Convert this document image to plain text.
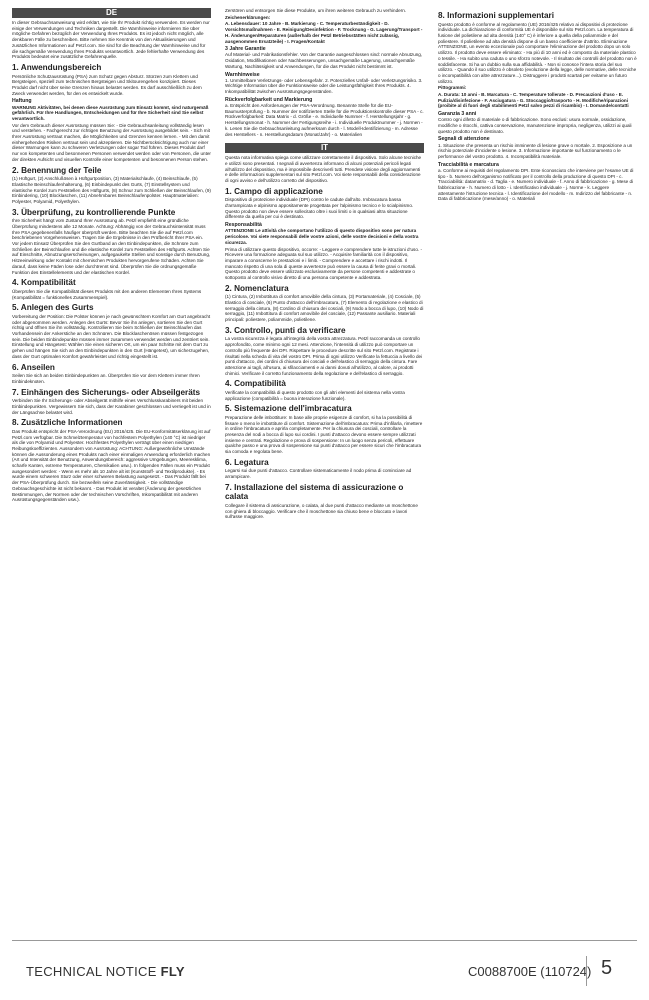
DE

In dieser Gebrauchsanweisung wird erklärt, wie Sie Ihr Produkt richtig verwenden. Es werden nur einige der Verwendungen und Techniken dargestellt. Die Warnhinweise informieren Sie über mögliche Gefahren bezüglich der Verwendung Ihres Produkts. Es ist jedoch nicht möglich, alle denkbaren Fälle zu beschreiben. Bitte nehmen Sie Kenntnis von den Aktualisierungen und zusätzlichen Informationen auf Petzl.com. Sie sind für die Beachtung der Warnhinweise und für die sachgemäße Verwendung Ihres Produkts verantwortlich. Jede fehlerhafte Verwendung des Produkts bedeutet eine zusätzliche Gefahrenquelle.

1. Anwendungsbereich

Persönliche Schutzausrüstung (PSA) zum Schutz gegen Absturz. Stürzen zum Klettern und Bergsteigen, speziell zum technischen Bergsteigen und Skitourengehen konzipiert. Dieses Produkt darf nicht über seine Grenzen hinaus belastet werden. Es darf ausschließlich zu dem Zweck verwendet werden, für den es entwickelt wurde.

Haftung

WARNUNG Aktivitäten, bei denen diese Ausrüstung zum Einsatz kommt, sind naturgemäß gefährlich. Für Ihre Handlungen, Entscheidungen und für Ihre Sicherheit sind Sie selbst verantwortlich.

Vor dem Gebrauch dieser Ausrüstung müssen Sie: - Die Gebrauchsanleitung vollständig lesen und verstehen. - Fachgerecht zur richtigen Benutzung der Ausrüstung ausgebildet sein. - Sich mit Ihrer Ausrüstung vertraut machen, die Möglichkeiten und Grenzen kennen lernen. - Mit den damit einhergehenden Risiken vertraut sein und akzeptieren. Die Nichtberücksichtigung auch nur einer dieser Warnungen kann zu schweren Verletzungen oder sogar Tod führen. Dieses Produkt darf nur von kompetenten und besonnenen Personen verwendet werden oder von Personen, die unter der direkten Aufsicht und visuellen Kontrolle einer kompetenten und besonnenen Person stehen.

2. Benennung der Teile

(1) Hüftgurt, (2) Anschlußösen à Hüftgurtposition, (3) Materialschlaufe, (4) Beinschlaufe, (5) Elastische Beinschlaufenhalterung, (6) Einbindepunkt des Gurts, (7) Einstellsystem und elastische Kordel zum Feststellen des Hüftgurts, (8) Schnur zum Schließen der Beinschlaufen, (9) Einbindering, (10) Blocklaschen, (11) Abnehmbares Beinschlaufenpolster. Hauptmaterialien: Polyester, Polyamid, Polyethylen.

3. Überprüfung, zu kontrollierende Punkte

Ihre Sicherheit hängt vom Zustand Ihrer Ausrüstung ab. Petzl empfiehlt eine gründliche Überprüfung mindestens alle 12 Monate. Achtung: Abhängig von der Gebrauchsintensität muss Ihre PSA gegebenenfalls häufiger überprüft werden. Bitte beachten Sie die auf Petzl.com beschriebenen Vorgehensweisen. Tragen Sie die Ergebnisse in den Prüfbericht Ihrer PSA ein. Vor jedem Einsatz Überprüfen Sie den Gurtband an den Einbindepunkten, die Schnüre zum Schließen der Beinschlaufen und die elastische Kordel zum Feststellen des Hüftgurts. Achten Sie auf Einschnitte, Abnutzungserscheinungen, aufgegaukelte Stellen und sonstige durch Benutzung, Hitzeeinwirkung oder Kontakt mit chemischen Produkten hervorgerufene Schäden. Achten Sie darauf, dass keine Fäden lose oder durchtrennt sind. Überprüfen Sie die ordnungsgemäße Funktion des Einstellelements und der elastischen Kordel.

4. Kompatibilität

Überprüfen Sie die Kompatibilität dieses Produkts mit den anderen Elementen Ihres Systems (Kompatibilität = funktionelles Zusammenspiel).

5. Anlegen des Gurts

Vorbereitung der Position: Die Polster können je nach gewünschtem Komfort am Gurt angebracht oder abgenommen werden. Anlegen des Gurts: Bevor Sie ihn anlegen, sortieren Sie den Gurt richtig und öffnen Sie ihn vollständig. Kontrollieren Sie beim Schließen der Beinschlaufen das Vorhandensein der Ankerstiche an den Schnüren. Die Blocklaschenösen müssen festgezogen sein. Die beiden Einbindepunkte müssen immer zusammen verwendet werden und zentriert sein. Einstellung und Hängetest: Wählen Sie einen sicheren Ort, um ein paar Schritte mit dem Gurt zu gehen und hängen Sie sich an den Einbindepunkten in den Gurt (Hängetest), um sicherzugehen, dass der Gurt optimalen Komfort gewährleistet und richtig eingestellt ist.

6. Anseilen

Seilen Sie sich an beiden Einbindepunkten an. Überprüfen Sie vor dem Klettern immer Ihren Einbindeknoten.

7. Einhängen des Sicherungs- oder Abseilgeräts

Verbinden Sie Ihr Sicherungs- oder Abseilgerät mithilfe eines Verschlusskarabiners mit beiden Einbindepunkten. Vergewissern Sie sich, dass der Karabiner geschlossen und verriegelt ist und in der Längsachse belastet wird.

8. Zusätzliche Informationen

Das Produkt entspricht der PSA-Verordnung (EU) 2016/425. Die EU-Konformitätserklärung ist auf Petzl.com verfügbar. Die Schmelztemperatur von hochfestem Polyethylen (140 °C) ist niedriger als die von Polyamid und Polyester. Hochfestes Polyethylen verträgt über einen niedrigen Reibungskoeffizienten. Aussondern von Ausrüstung: ACHTUNG: Außergewöhnliche Umstände können die Aussonderung eines Produkts nach einer einmaligen Anwendung erforderlich machen (Art und Intensität der Benutzung, Anwendungsbereich: aggressive Umgebungen, Meeresklima, scharfe Kanten, extreme Temperaturen, Chemikalien usw.). In folgenden Fällen muss ein Produkt ausgesondert werden: - Wenn es mehr als 10 Jahre alt ist (Kunststoff- und Textilprodukte). - Es wurde einem schweren Sturz oder einer schweren Belastung ausgesetzt. - Das Produkt fällt bei der PSA-Überprüfung durch. Sie bezweifeln seine Zuverlässigkeit. - Die vollständige Gebrauchsgeschichte ist nicht bekannt. - Das Produkt ist veraltet (Änderung der gesetzlichen Bestimmungen, der Normen oder der technischen Vorschriften, Inkompatibilität mit anderen Ausrüstungsgegenständen usw.).

Zerstören und entsorgen Sie diese Produkte, um ihren weiteren Gebrauch zu verhindern.

Zeichenerklärungen:

A. Lebensdauer: 10 Jahre - B. Markierung - C. Temperaturbeständigkeit - D. Vorsichtsmaßnahmen - E. Reinigung/Desinfektion - F. Trocknung - G. Lagerung/Transport - H. Änderungen/Reparaturen (außerhalb der Petzl Betriebsstätten nicht zulässig, ausgenommen Ersatzteile) - I. Fragen/Kontakt

3 Jahre Garantie

Auf Material- und Fabrikationsfehler. Von der Garantie ausgeschlossen sind: normale Abnutzung, Oxidation, Modifikationen oder Nachbesserungen, unsachgemäße Lagerung, unsachgemäße Wartung, Nachlässigkeit und Anwendungen, für die das Produkt nicht bestimmt ist.

Warnhinweise

1. Unmittelbare Verletzungs- oder Lebensgefahr. 2. Potenzielles Unfall- oder Verletzungsrisiko. 3. Wichtige Information über die Funktionsweise oder die Leistungsfähigkeit Ihres Produkts. 4. Inkompatibilität zwischen Ausrüstungsgegenständen.

Rückverfolgbarkeit und Markierung

a. Entspricht den Anforderungen der PSA-Verordnung. Benannte Stelle für die EU-Baumusterprüfung - b. Nummer der notifizierten Stelle für die Produktionskontrolle dieser PSA - c. Rückverfolgbarkeit: Data Matrix - d. Größe - e. Individuelle Nummer - f. Herstellungsjahr - g. Herstellungsmonat - h. Nummer der Fertigungsreihe - i. Individuelle Produktnummer - j. Normen - k. Lesen Sie die Gebrauchsanleitung aufmerksam durch - l. Modell-Identifizierung - m. Adresse des Herstellers - n. Herstellungsdatum (Monat/Jahr) - o. Materialien

IT

Questa nota informativa spiega come utilizzare correttamente il dispositivo. Solo alcune tecniche e utilizzi sono presentati. I segnali di avvertenza informano di alcuni potenziali pericoli legati all'utilizzo del dispositivo, ma è impossibile descriverli tutti. Prendete visione degli aggiornamenti e delle informazioni supplementari sul sito Petzl.com. Voi siete responsabili della considerazione di ogni avviso e dell'utilizzo corretto del dispositivo.

1. Campo di applicazione

Dispositivo di protezione individuale (DPI) contro le cadute dall'alto. Imbracatura bassa d'arrampicata e alpinismo appositamente progettata per l'alpinismo tecnico e lo scialpinismo. Questo prodotto non deve essere sollecitato oltre i suoi limiti o in qualsiasi altra situazione differente da quella per cui è destinato.

Responsabilità

ATTENZIONE Le attività che comportano l'utilizzo di questo dispositivo sono per natura pericolose. Voi siete responsabili delle vostre azioni, delle vostre decisioni e della vostra sicurezza.

Prima di utilizzare questo dispositivo, occorre: - Leggere e comprendere tutte le istruzioni d'uso. - Ricevere una formazione adeguata sul suo utilizzo. - Acquisire familiarità con il dispositivo, imparare a conoscerne le prestazioni e i limiti. - Comprendere e accettare i rischi indotti. Il mancato rispetto di una sola di queste avvertenze può essere la causa di ferite gravi o mortali. Questo prodotto deve essere utilizzato esclusivamente da persone competenti e addestrate o sottoposto al controllo visivo diretto di una persona competente e addestrata.

2. Nomenclatura

(1) Cintura, (2) Imbottitura di comfort amovibile della cintura, (3) Portamateriale, (4) Cosciale, (5) Elastico di cosciale, (6) Punto d'attacco dell'imbracatura, (7) Elemento di regolazione e elastico di serraggio della cintura, (8) Cordino di chiusura dei cosciali, (9) Nodo a bocca di lupo, (10) Nodo di serraggio, (11) Imbottitura di comfort amovibile del cosciale, (12) Passante ausiliario. Materiali principali: poliestere, poliammide, polietilene.

3. Controllo, punti da verificare

La vostra sicurezza è legata all'integrità della vostra attrezzatura. Petzl raccomanda un controllo approfondito, come minimo ogni 12 mesi. Attenzione, l'intensità di utilizzo può comportare un controllo più frequente dei DPI. Rispettare le procedure descritte sul sito Petzl.com. Registrate i risultati nella scheda di vita del vostro DPI. Prima di ogni utilizzo Verificate la fettuccia a livello dei punti d'attacco, dei cordini di chiusura dei cosciali e dell'elastico di serraggio della cintura. Fare attenzione ai tagli, all'usura, ai sfilacciamenti e ai danni dovuti all'utilizzo, al calore, ai prodotti chimici. Verificare il corretto funzionamento della regolazione e dell'elastico di serraggio.

4. Compatibilità

Verificate la compatibilità di questo prodotto con gli altri elementi del sistema nella vostra applicazione (compatibilità = buona interazione funzionale).

5. Sistemazione dell'imbracatura

Preparazione delle imbottiture: In base alle proprie esigenze di comfort, si ha la possibilità di fissare o meno le imbottiture di comfort. Sistemazione dell'imbracatura: Prima d'infilarla, rimettere in ordine l'imbracatura e aprirla completamente. Per la chiusura dei cosciali, controllare la presenza del nodi a bocca di lupo sui cordini. I punti d'attacco devono essere sempre utilizzati insieme e centrati. Regolazione e prova di sospensione: In un luogo senza pericoli, effettuare qualche passo e una prova di sospensione sui punti d'attacco per essere sicuri che l'imbracatura sia comoda e regolata bene.

6. Legatura

Legarsi sui due punti d'attacco. Controllare sistematicamente il nodo prima di cominciare ad arrampicare.

7. Installazione del sistema di assicurazione o calata

Collegare il sistema di assicurazione, o calata, al due punti d'attacco mediante un moschettone con ghiera di bloccaggio. Verificare che il moschettone sia chiuso bene e bloccato e lavori sull'asse maggiore.

8. Informazioni supplementari

Questo prodotto è conforme al regolamento (UE) 2016/425 relativo ai dispositivi di protezione individuale. La dichiarazione di conformità UE è disponibile sul sito Petzl.com. La temperatura di fusione del polietilene ad alta densità (140° C) è inferiore a quella della poliammide e del poliestere. Il polietilene ad alta densità dispone di un basso coefficiente d'attrito. Eliminazione ATTENZIONE, un evento eccezionale può comportare l'eliminazione del prodotto dopo un solo utilizzo. Il prodotto deve essere eliminato: - Ha più di 10 anni ed è composto da materiale plastico o tessile. - Ha subito una caduta o uno sforzo notevole. - Il risultato dei controlli del prodotto non è soddisfacente. Si ha un dubbio sulla sua affidabilità. - Non si conosce l'intera storia del suo utilizzo. - Quando il suo utilizzo è obsoleto (evoluzione della legge, delle normative, delle tecniche o incompatibilità con altre attrezzature...). Distruggere i prodotti scartati per evitarne un futuro utilizzo.

Pittogrammi:

A. Durata: 10 anni - B. Marcatura - C. Temperature tollerate - D. Precauzioni d'uso - E. Pulizia/disinfezione - F. Asciugatura - G. Stoccaggio/trasporto - H. Modifiche/riparazioni (proibite al di fuori degli stabilimenti Petzl salvo pezzi di ricambio) - I. Domande/contatti

Garanzia 3 anni

Contro ogni difetto di materiale o di fabbricazione. Sono esclusi: usura normale, ossidazione, modifiche o ritocchi, cattiva conservazione, manutenzione impropria, negligenza, utilizzi ai quali questo prodotto non è destinato.

Segnali di attenzione

1. Situazione che presenta un rischio imminente di lesione grave o mortale. 2. Esposizione a un rischio potenziale d'incidente o lesione. 3. Informazione importante sul funzionamento o le performance del vostro prodotto. 4. Incompatibilità materiale.

Tracciabilità e marcatura

a. Conforme ai requisiti del regolamento DPI. Ente riconosciuto che interviene per l'esame UE di tipo - b. Numero dell'organismo notificato per il controllo della produzione di questo DPI - c. Tracciabilità: datamatrix - d. Taglia - e. Numero individuale - f. Anno di fabbricazione - g. Mese di fabbricazione - h. Numero di lotto - i. Identificativo individuale - j. Norme - k. Leggere attentamente l'istruzione tecnica - l. Identificazione del modello - m. Indirizzo del fabbricante - n. Data di fabbricazione (mese/anno) - o. Materiali

TECHNICAL NOTICE FLY	C0088700E (110724) 5
